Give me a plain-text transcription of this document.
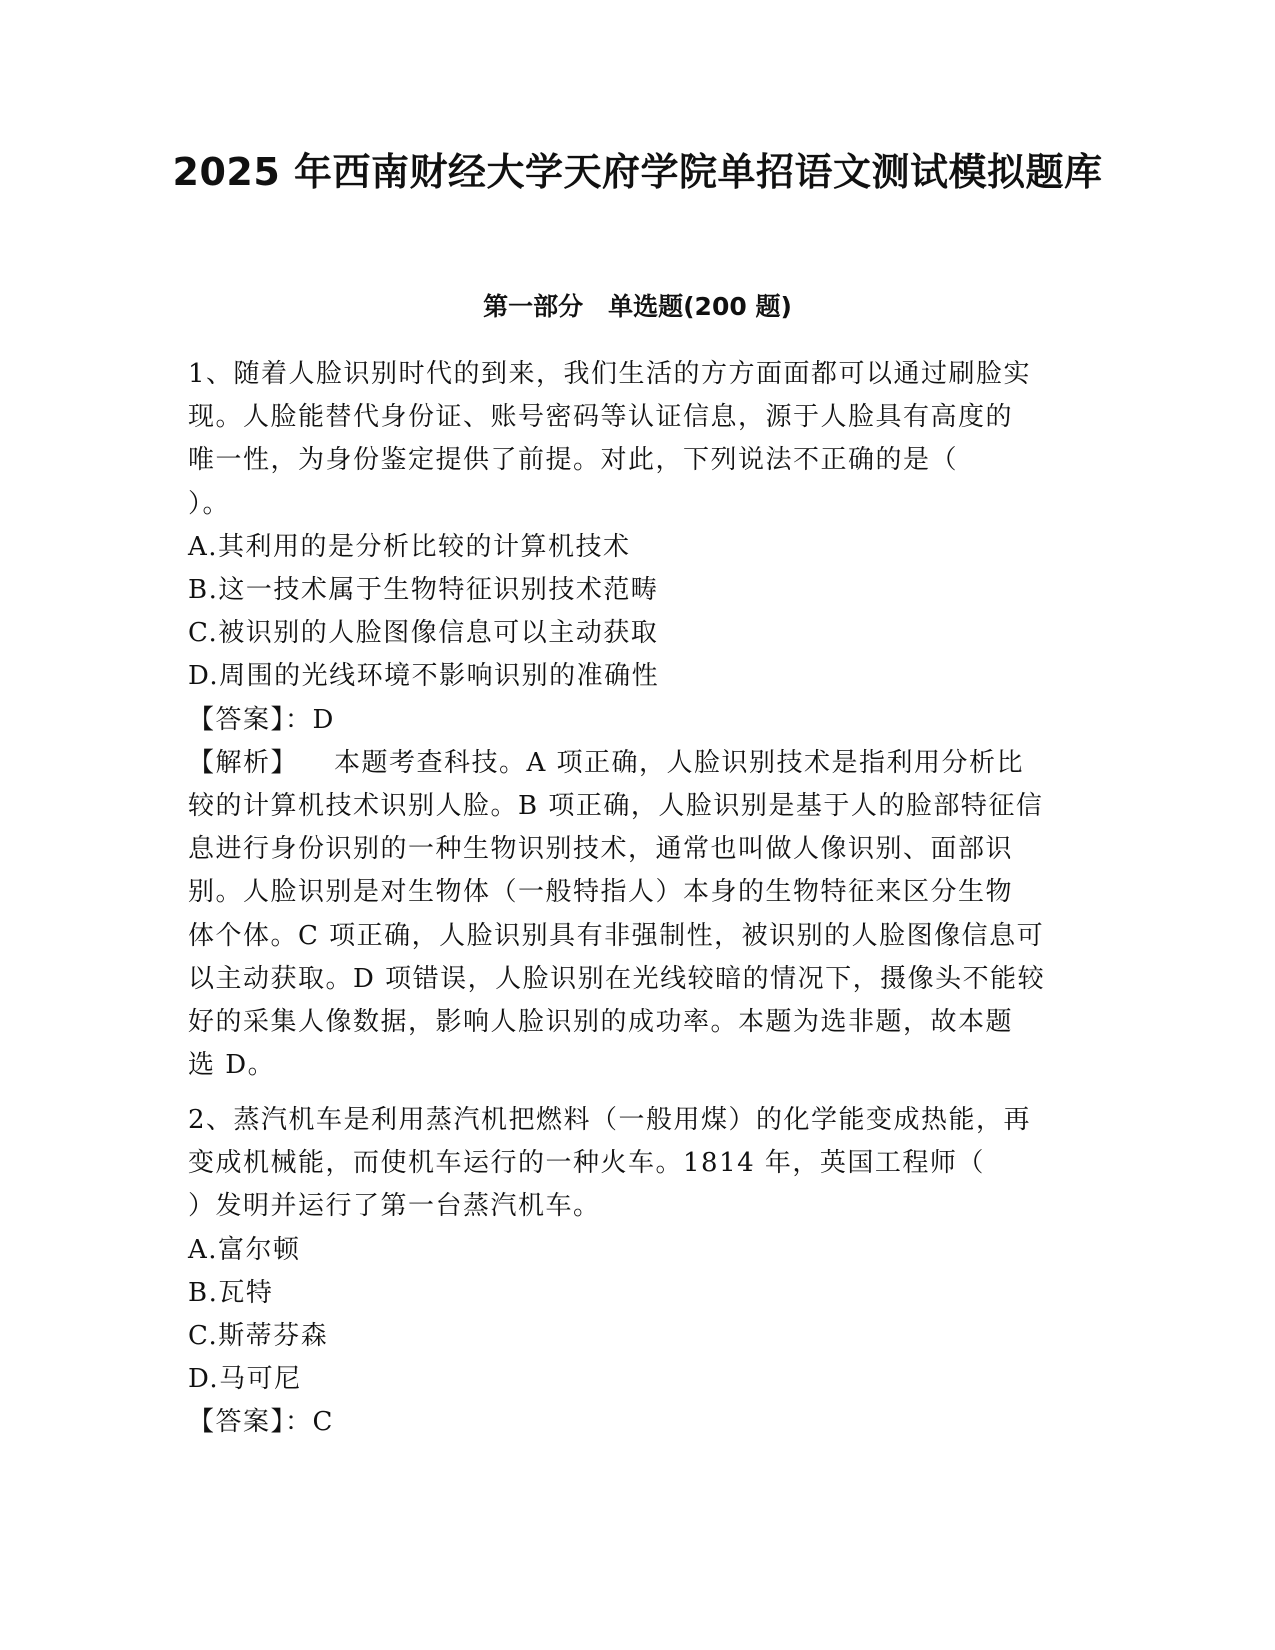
2025 年西南财经大学天府学院单招语文测试模拟题库
第一部分　单选题(200 题)
1、随着人脸识别时代的到来，我们生活的方方面面都可以通过刷脸实
现。人脸能替代身份证、账号密码等认证信息，源于人脸具有高度的
唯一性，为身份鉴定提供了前提。对此，下列说法不正确的是（
）。
A.其利用的是分析比较的计算机技术
B.这一技术属于生物特征识别技术范畴
C.被识别的人脸图像信息可以主动获取
D.周围的光线环境不影响识别的准确性
【答案】：D
【解析】 本题考查科技。A 项正确，人脸识别技术是指利用分析比
较的计算机技术识别人脸。B 项正确，人脸识别是基于人的脸部特征信
息进行身份识别的一种生物识别技术，通常也叫做人像识别、面部识
别。人脸识别是对生物体（一般特指人）本身的生物特征来区分生物
体个体。C 项正确，人脸识别具有非强制性，被识别的人脸图像信息可
以主动获取。D 项错误，人脸识别在光线较暗的情况下，摄像头不能较
好的采集人像数据，影响人脸识别的成功率。本题为选非题，故本题
选 D。
2、蒸汽机车是利用蒸汽机把燃料（一般用煤）的化学能变成热能，再
变成机械能，而使机车运行的一种火车。1814 年，英国工程师（
）发明并运行了第一台蒸汽机车。
A.富尔顿
B.瓦特
C.斯蒂芬森
D.马可尼
【答案】：C
